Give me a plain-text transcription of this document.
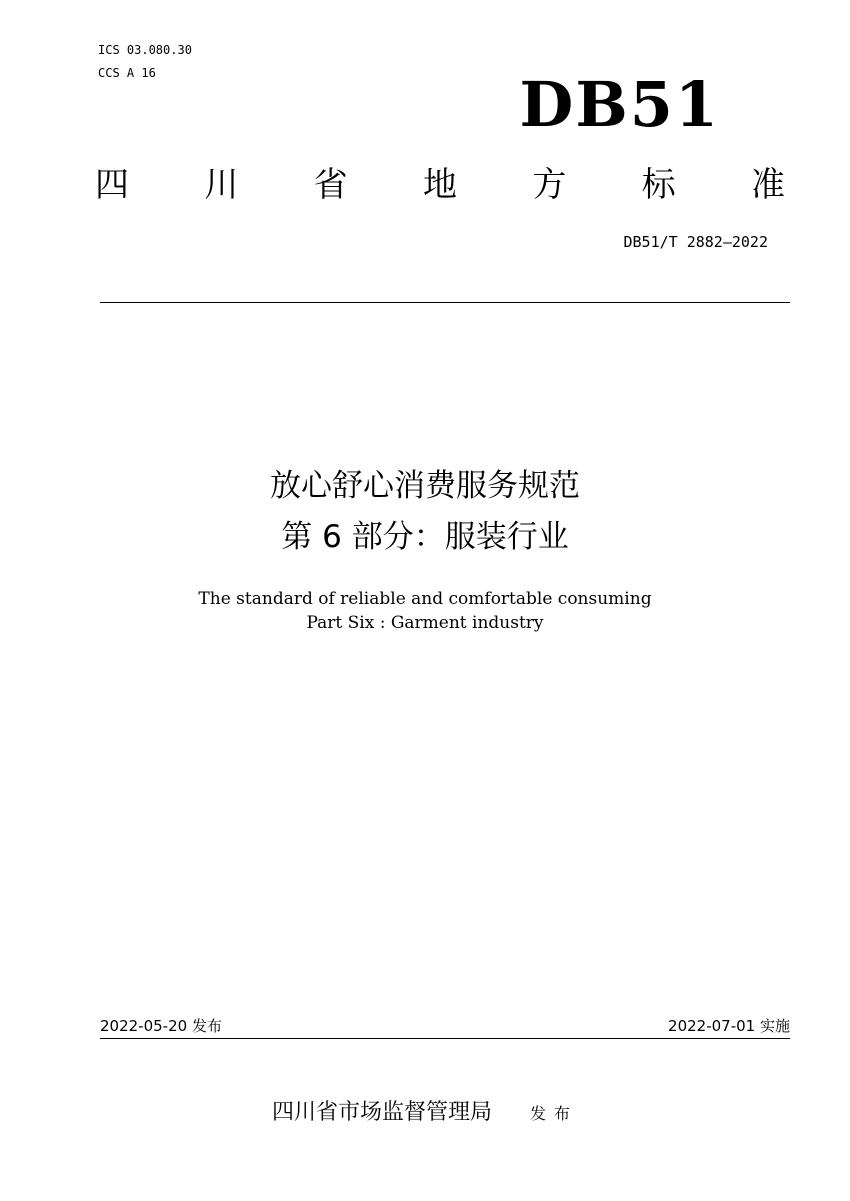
ICS 03.080.30
CCS A 16	DB51
四 川 省 地 方 标 准
DB51/T 2882—2022
放心舒心消费服务规范
第 6 部分：服装行业
The standard of reliable and comfortable consuming
Part Six : Garment industry
2022-05-20 发布	2022-07-01 实施
四川省市场监督管理局 发布
